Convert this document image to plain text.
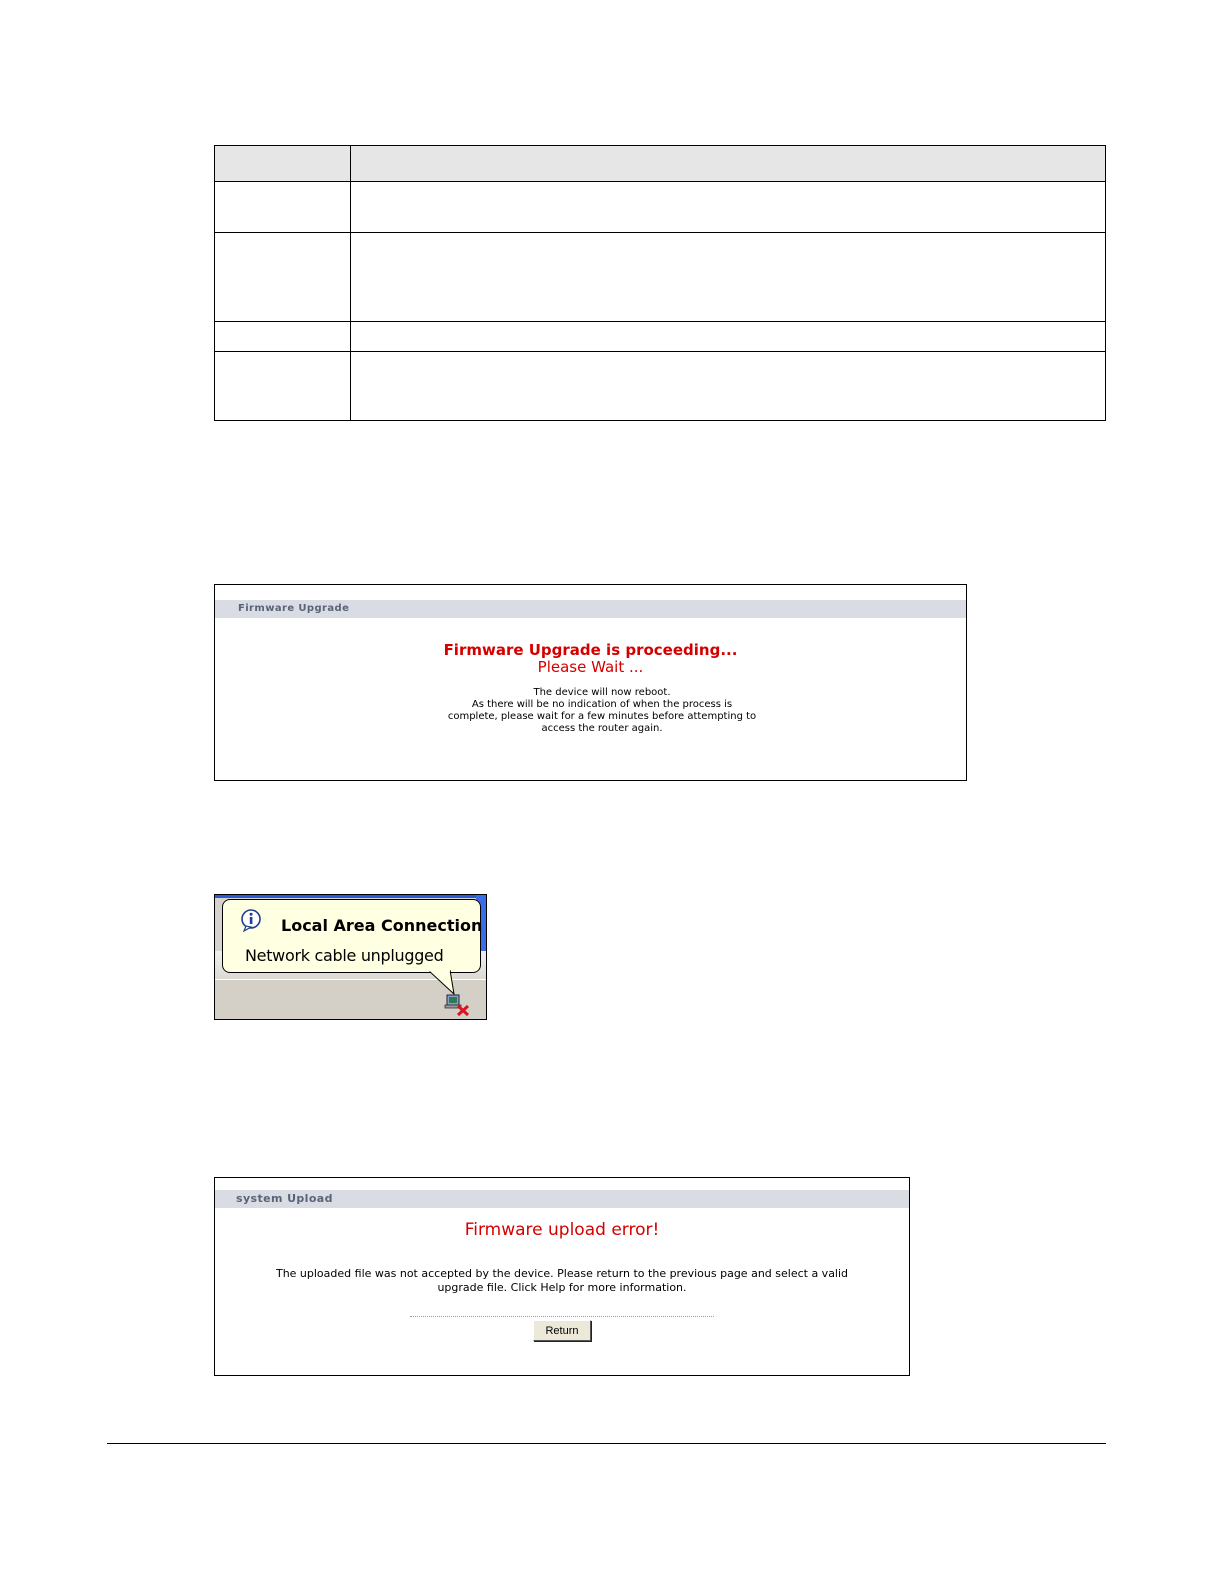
Firmware Upgrade
Firmware Upgrade is proceeding...
Please Wait ...
The device will now reboot.
As there will be no indication of when the process is
complete, please wait for a few minutes before attempting to
access the router again.
Local Area Connection
Network cable unplugged
system Upload
Firmware upload error!
The uploaded file was not accepted by the device. Please return to the previous page and select a valid
upgrade file. Click Help for more information.
Return
